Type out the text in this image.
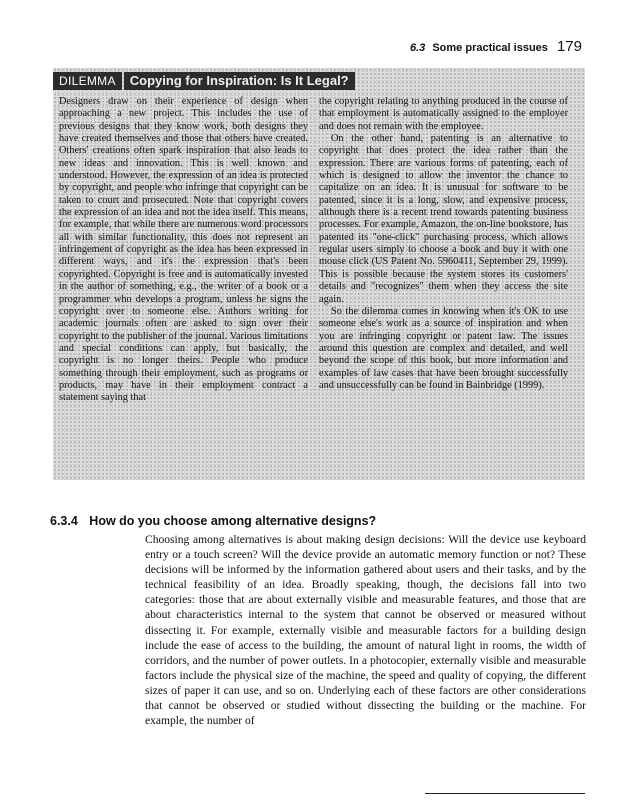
6.3 Some practical issues 179
DILEMMA	Copying for Inspiration: Is It Legal?

Designers draw on their experience of design when approaching a new project. This includes the use of previous designs that they know work, both designs they have created themselves and those that others have created. Others' creations often spark inspiration that also leads to new ideas and innovation. This is well known and understood. However, the expression of an idea is protected by copyright, and people who infringe that copyright can be taken to court and prosecuted. Note that copyright covers the expression of an idea and not the idea itself. This means, for example, that while there are numerous word processors all with similar functionality, this does not represent an infringement of copyright as the idea has been expressed in different ways, and it's the expression that's been copyrighted. Copyright is free and is automatically invested in the author of something, e.g., the writer of a book or a programmer who develops a program, unless he signs the copyright over to someone else. Authors writing for academic journals often are asked to sign over their copyright to the publisher of the journal. Various limitations and special conditions can apply, but basically, the copyright is no longer theirs. People who produce something through their employment, such as programs or products, may have in their employment contract a statement saying that

the copyright relating to anything produced in the course of that employment is automatically assigned to the employer and does not remain with the employee.

On the other hand, patenting is an alternative to copyright that does protect the idea rather than the expression. There are various forms of patenting, each of which is designed to allow the inventor the chance to capitalize on an idea. It is unusual for software to be patented, since it is a long, slow, and expensive process, although there is a recent trend towards patenting business processes. For example, Amazon, the on-line bookstore, has patented its "one-click" purchasing process, which allows regular users simply to choose a book and buy it with one mouse click (US Patent No. 5960411, September 29, 1999). This is possible because the system stores its customers' details and "recognizes" them when they access the site again.

So the dilemma comes in knowing when it's OK to use someone else's work as a source of inspiration and when you are infringing copyright or patent law. The issues around this question are complex and detailed, and well beyond the scope of this book, but more information and examples of law cases that have been brought successfully and unsuccessfully can be found in Bainbridge (1999).

6.3.4 How do you choose among alternative designs?

Choosing among alternatives is about making design decisions: Will the device use keyboard entry or a touch screen? Will the device provide an automatic memory function or not? These decisions will be informed by the information gathered about users and their tasks, and by the technical feasibility of an idea. Broadly speaking, though, the decisions fall into two categories: those that are about externally visible and measurable features, and those that are about characteristics internal to the system that cannot be observed or measured without dissecting it. For example, externally visible and measurable factors for a building design include the ease of access to the building, the amount of natural light in rooms, the width of corridors, and the number of power outlets. In a photocopier, externally visible and measurable factors include the physical size of the machine, the speed and quality of copying, the different sizes of paper it can use, and so on. Underlying each of these factors are other considerations that cannot be observed or studied without dissecting the building or the machine. For example, the number of
